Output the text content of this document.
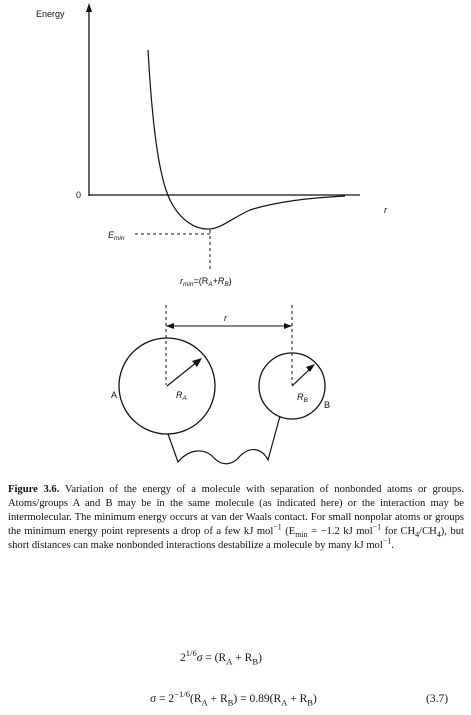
Energy
0
r
$E_{min}$
$r_{min}=(R_A+R_B)$
r
A	$R_A$
B
$R_B$
Figure 3.6. Variation of the energy of a molecule with separation of nonbonded atoms or groups. Atoms/groups A and B may be in the same molecule (as indicated here) or the interaction may be intermolecular. The minimum energy occurs at van der Waals contact. For small nonpolar atoms or groups the minimum energy point represents a drop of a few kJ mol$^{-1}$ ($E_{min} = -1.2$ kJ mol$^{-1}$ for $CH_4/CH_4$), but short distances can make nonbonded interactions destabilize a molecule by many kJ mol$^{-1}$.
$2^{1/6}\sigma = (R_A + R_B)$
$\sigma = 2^{-1/6}(R_A + R_B) = 0.89(R_A + R_B)$	(3.7)
